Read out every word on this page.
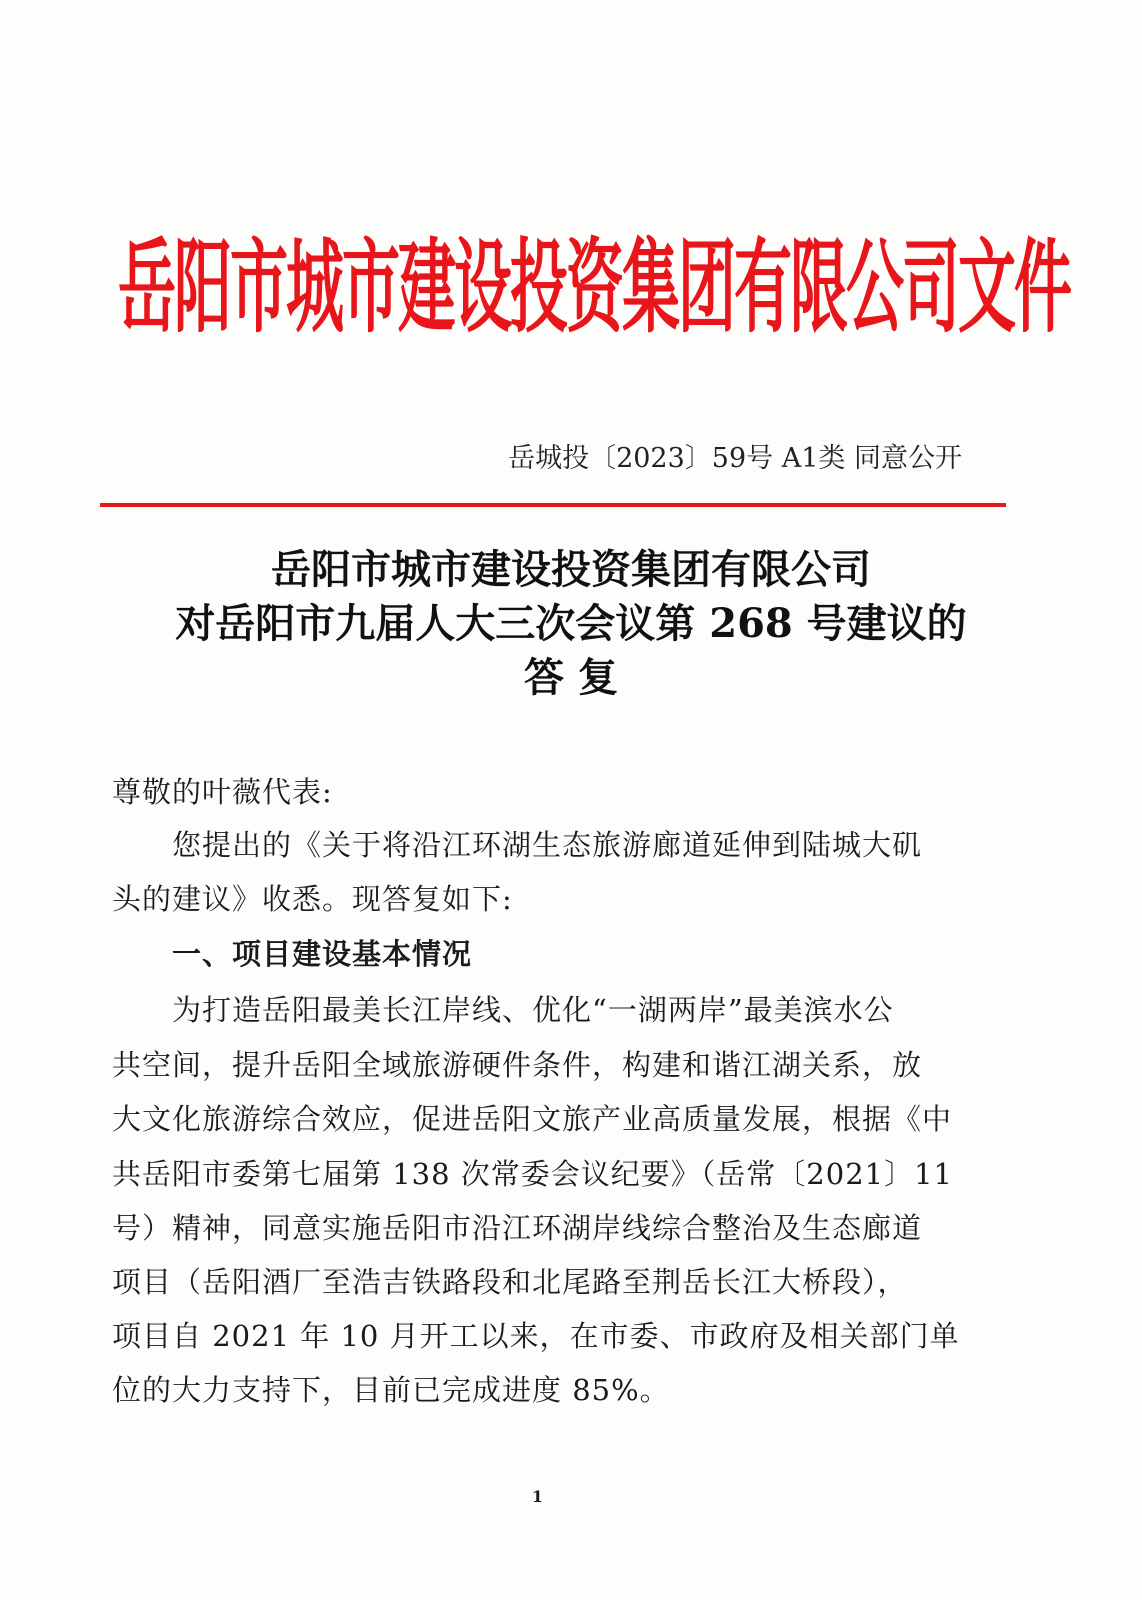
岳阳市城市建设投资集团有限公司文件
岳城投〔2023〕59号 A1类 同意公开
岳阳市城市建设投资集团有限公司
对岳阳市九届人大三次会议第 268 号建议的
答 复
尊敬的叶薇代表:
您提出的《关于将沿江环湖生态旅游廊道延伸到陆城大矶
头的建议》收悉。现答复如下:
一、项目建设基本情况
为打造岳阳最美长江岸线、优化“一湖两岸”最美滨水公
共空间，提升岳阳全域旅游硬件条件，构建和谐江湖关系，放
大文化旅游综合效应，促进岳阳文旅产业高质量发展，根据《中
共岳阳市委第七届第 138 次常委会议纪要》（岳常〔2021〕11
号）精神，同意实施岳阳市沿江环湖岸线综合整治及生态廊道
项目（岳阳酒厂至浩吉铁路段和北尾路至荆岳长江大桥段），
项目自 2021 年 10 月开工以来，在市委、市政府及相关部门单
位的大力支持下，目前已完成进度 85%。
1
